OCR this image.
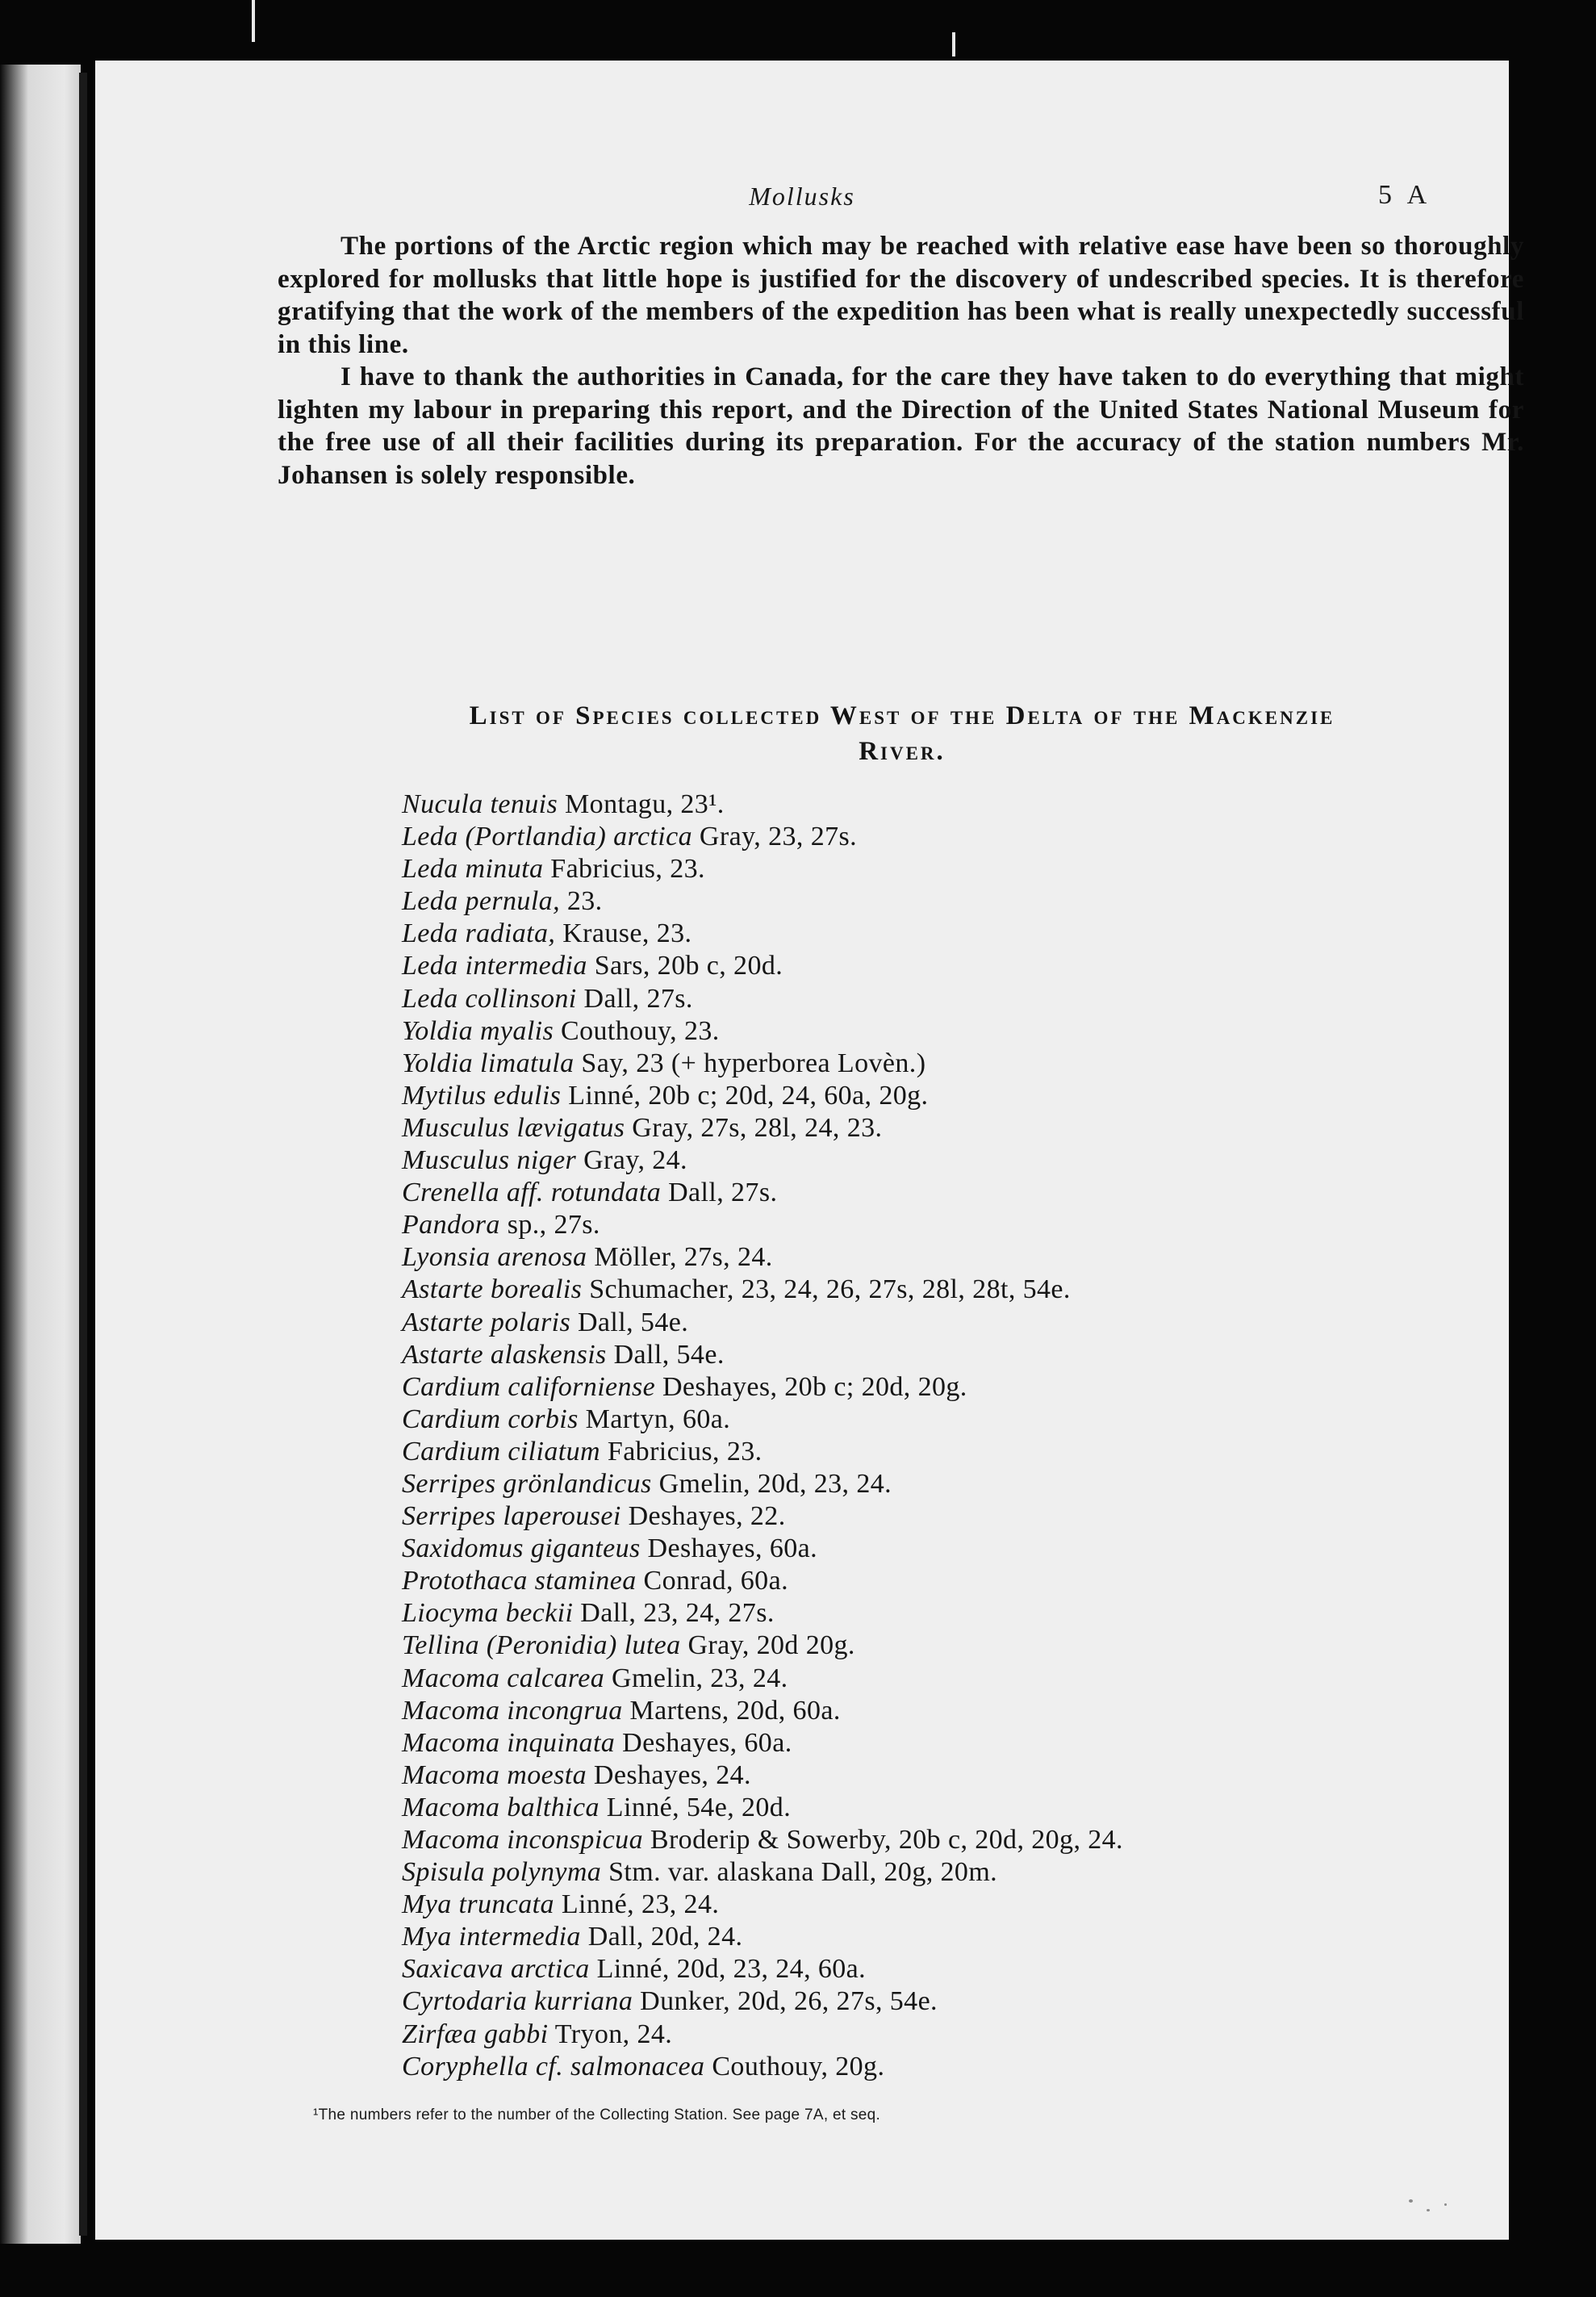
Mollusks	5 A

The portions of the Arctic region which may be reached with relative ease have been so thoroughly explored for mollusks that little hope is justified for the discovery of undescribed species. It is therefore gratifying that the work of the members of the expedition has been what is really unexpectedly successful in this line.

I have to thank the authorities in Canada, for the care they have taken to do everything that might lighten my labour in preparing this report, and the Direction of the United States National Museum for the free use of all their facilities during its preparation. For the accuracy of the station numbers Mr. Johansen is solely responsible.

List of Species collected West of the Delta of the Mackenzie
River.
Nucula tenuis Montagu, 23¹.
Leda (Portlandia) arctica Gray, 23, 27s.
Leda minuta Fabricius, 23.
Leda pernula, 23.
Leda radiata, Krause, 23.
Leda intermedia Sars, 20b c, 20d.
Leda collinsoni Dall, 27s.
Yoldia myalis Couthouy, 23.
Yoldia limatula Say, 23 (+ hyperborea Lovèn.)
Mytilus edulis Linné, 20b c; 20d, 24, 60a, 20g.
Musculus lævigatus Gray, 27s, 28l, 24, 23.
Musculus niger Gray, 24.
Crenella aff. rotundata Dall, 27s.
Pandora sp., 27s.
Lyonsia arenosa Möller, 27s, 24.
Astarte borealis Schumacher, 23, 24, 26, 27s, 28l, 28t, 54e.
Astarte polaris Dall, 54e.
Astarte alaskensis Dall, 54e.
Cardium californiense Deshayes, 20b c; 20d, 20g.
Cardium corbis Martyn, 60a.
Cardium ciliatum Fabricius, 23.
Serripes grönlandicus Gmelin, 20d, 23, 24.
Serripes laperousei Deshayes, 22.
Saxidomus giganteus Deshayes, 60a.
Protothaca staminea Conrad, 60a.
Liocyma beckii Dall, 23, 24, 27s.
Tellina (Peronidia) lutea Gray, 20d 20g.
Macoma calcarea Gmelin, 23, 24.
Macoma incongrua Martens, 20d, 60a.
Macoma inquinata Deshayes, 60a.
Macoma moesta Deshayes, 24.
Macoma balthica Linné, 54e, 20d.
Macoma inconspicua Broderip & Sowerby, 20b c, 20d, 20g, 24.
Spisula polynyma Stm. var. alaskana Dall, 20g, 20m.
Mya truncata Linné, 23, 24.
Mya intermedia Dall, 20d, 24.
Saxicava arctica Linné, 20d, 23, 24, 60a.
Cyrtodaria kurriana Dunker, 20d, 26, 27s, 54e.
Zirfæa gabbi Tryon, 24.
Coryphella cf. salmonacea Couthouy, 20g.
¹The numbers refer to the number of the Collecting Station. See page 7A, et seq.
